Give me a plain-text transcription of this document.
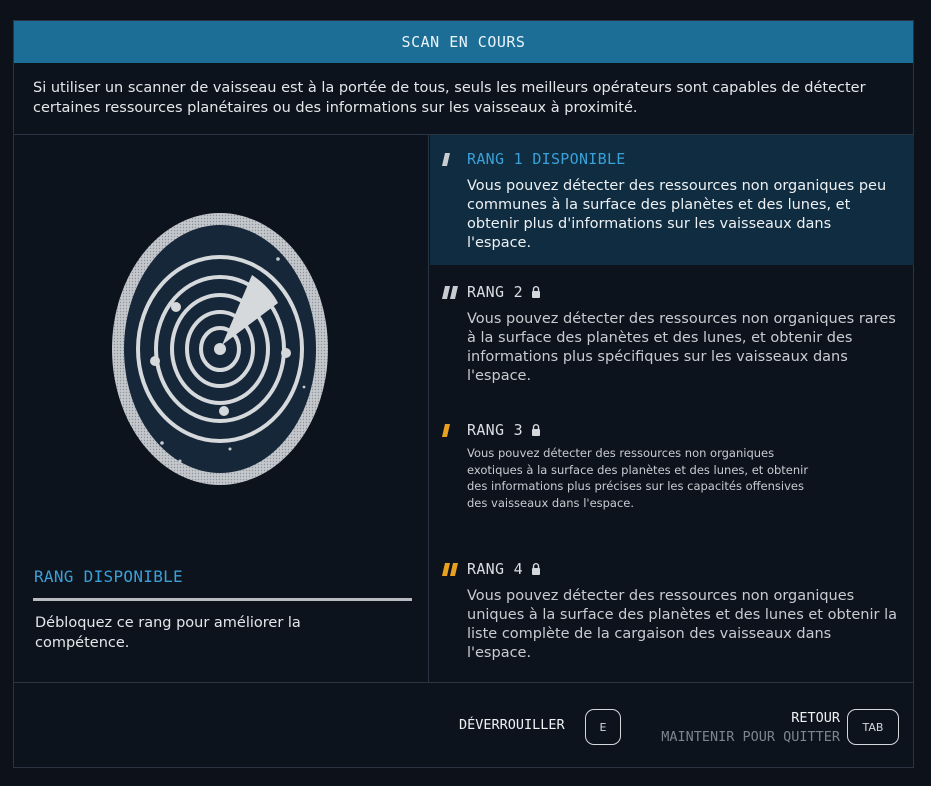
SCAN EN COURS
Si utiliser un scanner de vaisseau est à la portée de tous, seuls les meilleurs opérateurs sont capables de détecter certaines ressources planétaires ou des informations sur les vaisseaux à proximité.
RANG DISPONIBLE
Débloquez ce rang pour améliorer la compétence.
RANG 1 DISPONIBLE
Vous pouvez détecter des ressources non organiques peu communes à la surface des planètes et des lunes, et obtenir plus d'informations sur les vaisseaux dans l'espace.
RANG 2
Vous pouvez détecter des ressources non organiques rares à la surface des planètes et des lunes, et obtenir des informations plus spécifiques sur les vaisseaux dans l'espace.
RANG 3
Vous pouvez détecter des ressources non organiques exotiques à la surface des planètes et des lunes, et obtenir des informations plus précises sur les capacités offensives des vaisseaux dans l'espace.
RANG 4
Vous pouvez détecter des ressources non organiques uniques à la surface des planètes et des lunes et obtenir la liste complète de la cargaison des vaisseaux dans l'espace.
DÉVERROUILLER	E
RETOUR
MAINTENIR POUR QUITTER
TAB
